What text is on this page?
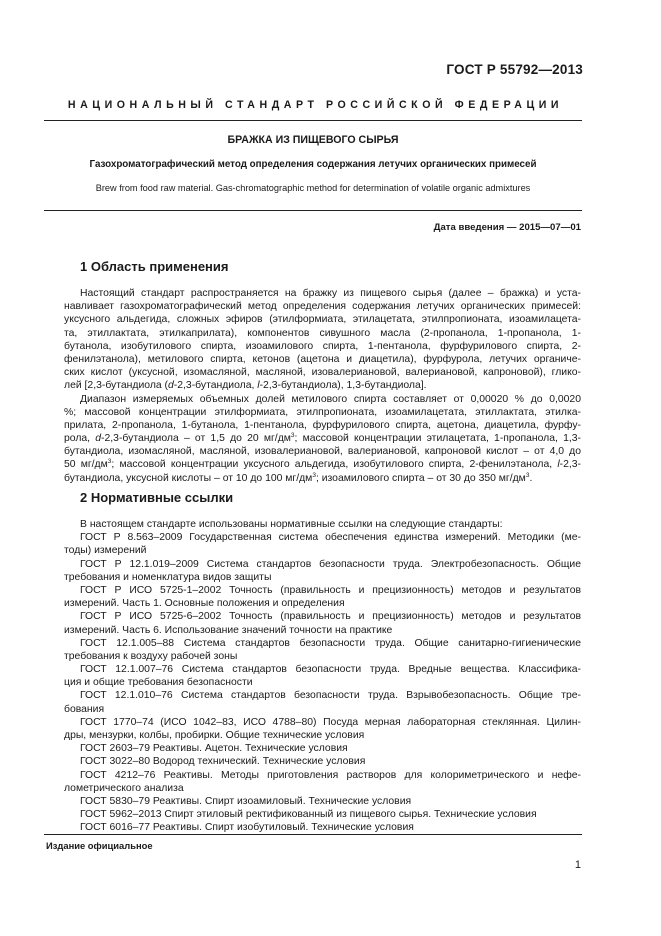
ГОСТ Р 55792—2013
НАЦИОНАЛЬНЫЙ СТАНДАРТ РОССИЙСКОЙ ФЕДЕРАЦИИ
БРАЖКА ИЗ ПИЩЕВОГО СЫРЬЯ
Газохроматографический метод определения содержания летучих органических примесей
Brew from food raw material. Gas-chromatographic method for determination of volatile organic admixtures
Дата введения — 2015—07—01
1 Область применения
Настоящий стандарт распространяется на бражку из пищевого сырья (далее – бражка) и уста-
навливает газохроматографический метод определения содержания летучих органических примесей:
уксусного альдегида, сложных эфиров (этилформиата, этилацетата, этилпропионата, изоамилацета-
та, этиллактата, этилкаприлата), компонентов сивушного масла (2-пропанола, 1-пропанола, 1-
бутанола, изобутилового спирта, изоамилового спирта, 1-пентанола, фурфурилового спирта, 2-
фенилэтанола), метилового спирта, кетонов (ацетона и диацетила), фурфурола, летучих органиче-
ских кислот (уксусной, изомасляной, масляной, изовалериановой, валериановой, капроновой), глико-
лей [2,3-бутандиола (d-2,3-бутандиола, l-2,3-бутандиола), 1,3-бутандиола].
Диапазон измеряемых объемных долей метилового спирта составляет от 0,00020 % до 0,0020
%; массовой концентрации этилформиата, этилпропионата, изоамилацетата, этиллактата, этилка-
прилата, 2-пропанола, 1-бутанола, 1-пентанола, фурфурилового спирта, ацетона, диацетила, фурфу-
рола, d-2,3-бутандиола – от 1,5 до 20 $мг/дм^3$; массовой концентрации этилацетата, 1-пропанола, 1,3-
бутандиола, изомасляной, масляной, изовалериановой, валериановой, капроновой кислот – от 4,0 до
50 $мг/дм^3$; массовой концентрации уксусного альдегида, изобутилового спирта, 2-фенилэтанола, l-2,3-
бутандиола, уксусной кислоты – от 10 до 100 $мг/дм^3$; изоамилового спирта – от 30 до 350 $мг/дм^3$.
2 Нормативные ссылки
В настоящем стандарте использованы нормативные ссылки на следующие стандарты:
ГОСТ Р 8.563–2009 Государственная система обеспечения единства измерений. Методики (ме-
тоды) измерений
ГОСТ Р 12.1.019–2009 Система стандартов безопасности труда. Электробезопасность. Общие
требования и номенклатура видов защиты
ГОСТ Р ИСО 5725-1–2002 Точность (правильность и прецизионность) методов и результатов
измерений. Часть 1. Основные положения и определения
ГОСТ Р ИСО 5725-6–2002 Точность (правильность и прецизионность) методов и результатов
измерений. Часть 6. Использование значений точности на практике
ГОСТ 12.1.005–88 Система стандартов безопасности труда. Общие санитарно-гигиенические
требования к воздуху рабочей зоны
ГОСТ 12.1.007–76 Система стандартов безопасности труда. Вредные вещества. Классифика-
ция и общие требования безопасности
ГОСТ 12.1.010–76 Система стандартов безопасности труда. Взрывобезопасность. Общие тре-
бования
ГОСТ 1770–74 (ИСО 1042–83, ИСО 4788–80) Посуда мерная лабораторная стеклянная. Цилин-
дры, мензурки, колбы, пробирки. Общие технические условия
ГОСТ 2603–79 Реактивы. Ацетон. Технические условия
ГОСТ 3022–80 Водород технический. Технические условия
ГОСТ 4212–76 Реактивы. Методы приготовления растворов для колориметрического и нефе-
лометрического анализа
ГОСТ 5830–79 Реактивы. Спирт изоамиловый. Технические условия
ГОСТ 5962–2013 Спирт этиловый ректификованный из пищевого сырья. Технические условия
ГОСТ 6016–77 Реактивы. Спирт изобутиловый. Технические условия
Издание официальное
1
